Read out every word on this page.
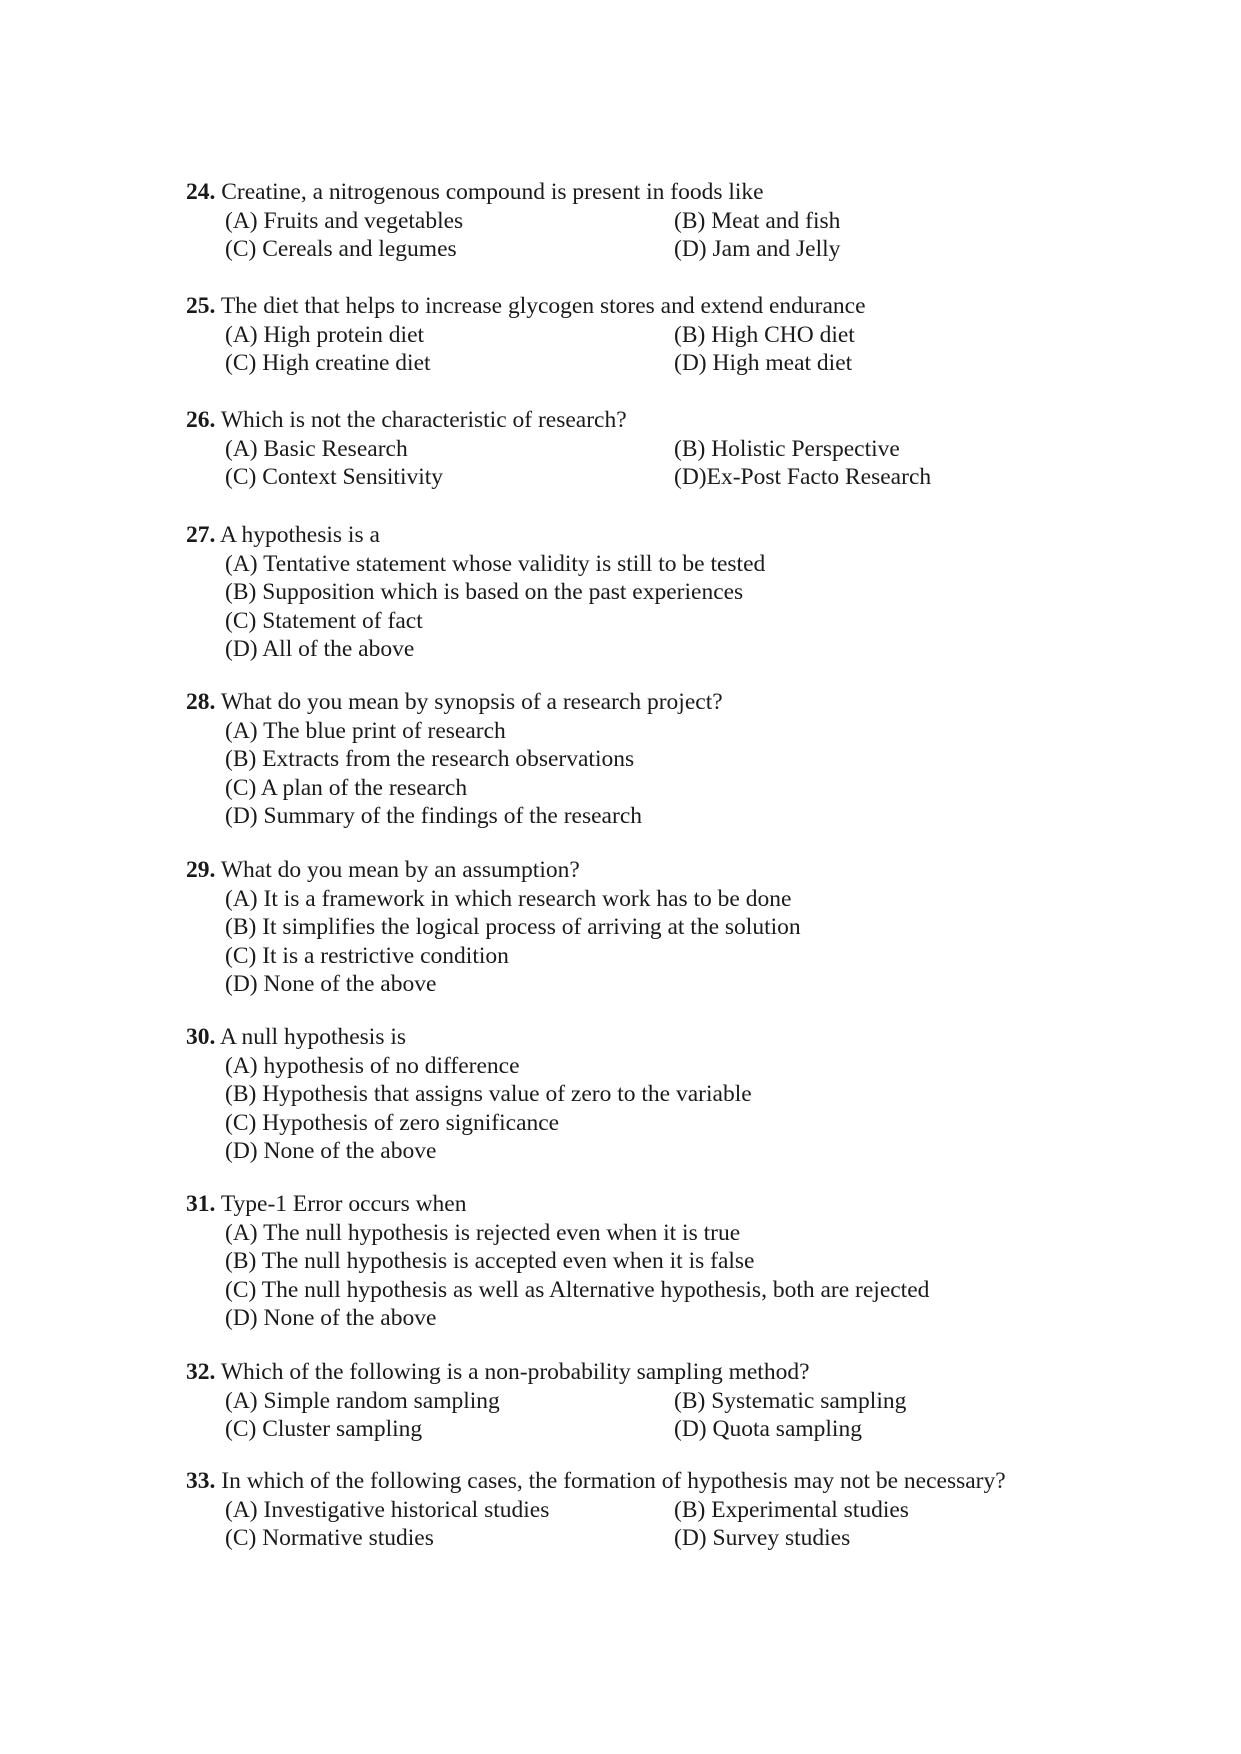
24. Creatine, a nitrogenous compound is present in foods like
(A) Fruits and vegetables	(B) Meat and fish
(C) Cereals and legumes	(D) Jam and Jelly
25. The diet that helps to increase glycogen stores and extend endurance
(A) High protein diet	(B) High CHO diet
(C) High creatine diet	(D) High meat diet
26. Which is not the characteristic of research?
(A) Basic Research	(B) Holistic Perspective
(C) Context Sensitivity	(D)Ex-Post Facto Research
27. A hypothesis is a
(A) Tentative statement whose validity is still to be tested
(B) Supposition which is based on the past experiences
(C) Statement of fact
(D) All of the above
28. What do you mean by synopsis of a research project?
(A) The blue print of research
(B) Extracts from the research observations
(C) A plan of the research
(D) Summary of the findings of the research
29. What do you mean by an assumption?
(A) It is a framework in which research work has to be done
(B) It simplifies the logical process of arriving at the solution
(C) It is a restrictive condition
(D) None of the above
30. A null hypothesis is
(A) hypothesis of no difference
(B) Hypothesis that assigns value of zero to the variable
(C) Hypothesis of zero significance
(D) None of the above
31. Type-1 Error occurs when
(A) The null hypothesis is rejected even when it is true
(B) The null hypothesis is accepted even when it is false
(C) The null hypothesis as well as Alternative hypothesis, both are rejected
(D) None of the above
32. Which of the following is a non-probability sampling method?
(A) Simple random sampling	(B) Systematic sampling
(C) Cluster sampling	(D) Quota sampling
33. In which of the following cases, the formation of hypothesis may not be necessary?
(A) Investigative historical studies	(B) Experimental studies
(C) Normative studies	(D) Survey studies
